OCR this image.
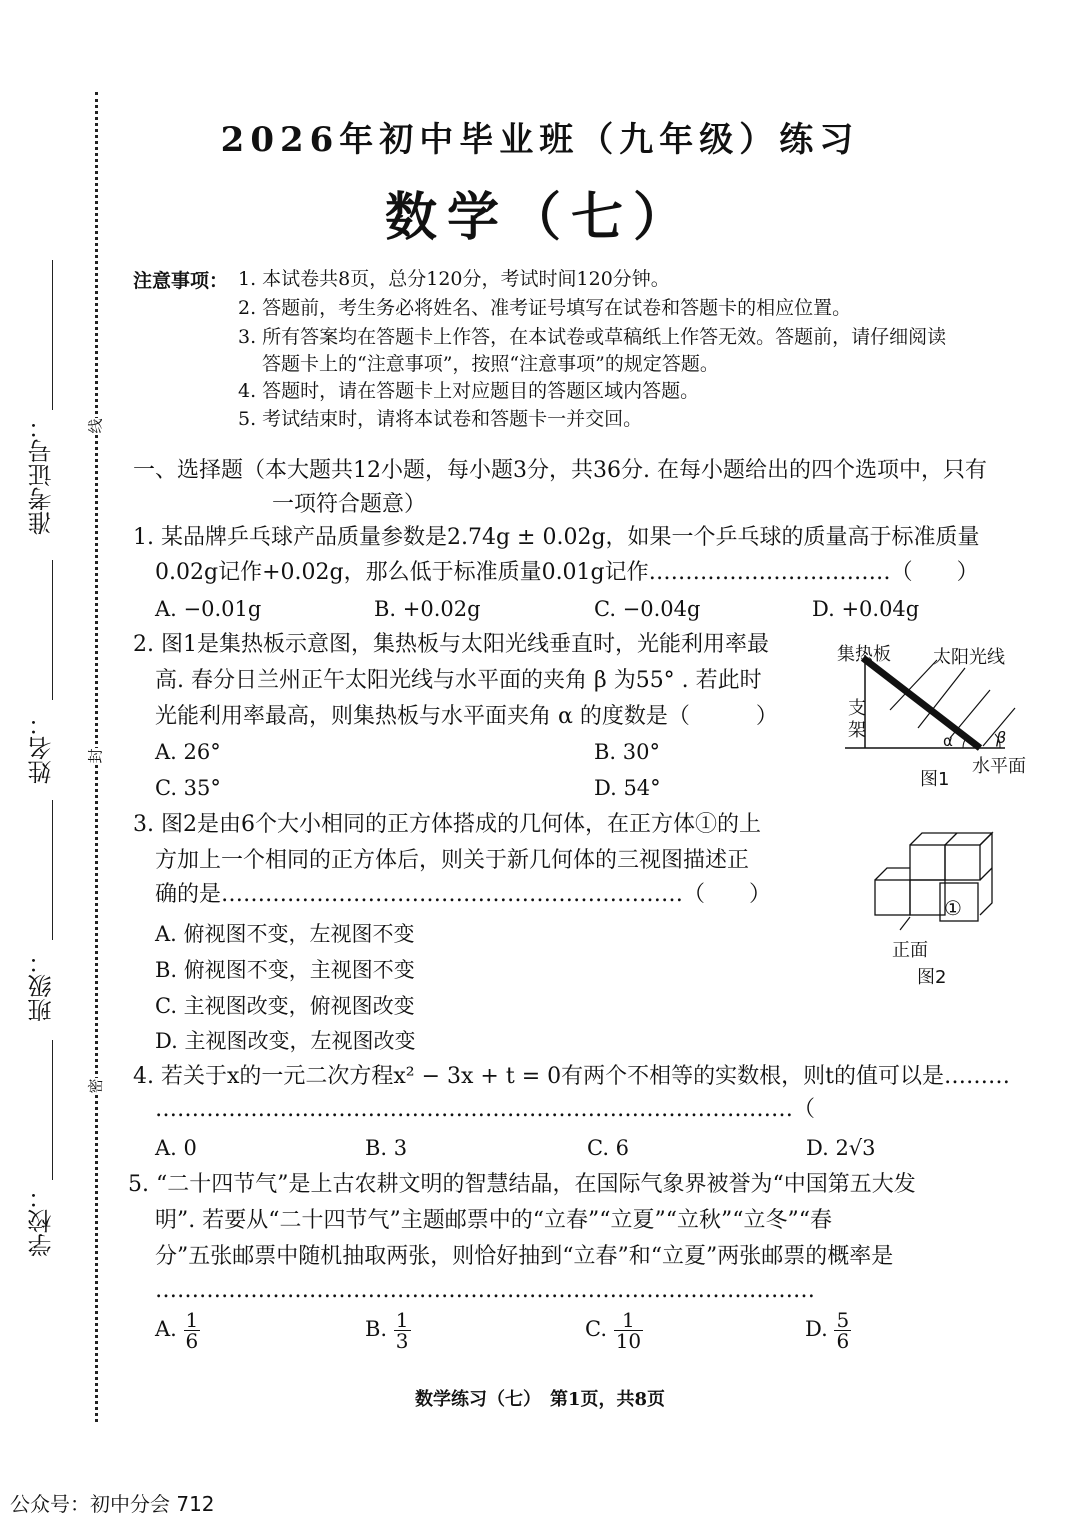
准考证号：
姓名：
班级：
学校：
线
封
密
2026年初中毕业班（九年级）练习
数学（七）
注意事项： 1. 本试卷共8页，总分120分，考试时间120分钟。
2. 答题前，考生务必将姓名、准考证号填写在试卷和答题卡的相应位置。
3. 所有答案均在答题卡上作答，在本试卷或草稿纸上作答无效。答题前，请仔细阅读
答题卡上的“注意事项”，按照“注意事项”的规定答题。
4. 答题时，请在答题卡上对应题目的答题区域内答题。
5. 考试结束时，请将本试卷和答题卡一并交回。
一、选择题（本大题共12小题，每小题3分，共36分. 在每小题给出的四个选项中，只有
一项符合题意）
1. 某品牌乒乓球产品质量参数是2.74g ± 0.02g，如果一个乒乓球的质量高于标准质量
0.02g记作+0.02g，那么低于标准质量0.01g记作……………………………（　　）
A. −0.01g	B. +0.02g	C. −0.04g	D. +0.04g
2. 图1是集热板示意图，集热板与太阳光线垂直时，光能利用率最
高. 春分日兰州正午太阳光线与水平面的夹角 β 为55° . 若此时
光能利用率最高，则集热板与水平面夹角 α 的度数是（　　　）
A. 26°	B. 30°
C. 35°	D. 54°
集热板 太阳光线
支
架	α	β
水平面
图1
3. 图2是由6个大小相同的正方体搭成的几何体，在正方体①的上
方加上一个相同的正方体后，则关于新几何体的三视图描述正
确的是………………………………………………………（　　）
A. 俯视图不变，左视图不变
B. 俯视图不变，主视图不变
C. 主视图改变，俯视图改变
D. 主视图改变，左视图改变
①
正面
图2
4. 若关于x的一元二次方程x² − 3x + t = 0有两个不相等的实数根，则t的值可以是………
……………………………………………………………………………（
A. 0	B. 3	C. 6	D. 2√3
5. “二十四节气”是上古农耕文明的智慧结晶，在国际气象界被誉为“中国第五大发
明”. 若要从“二十四节气”主题邮票中的“立春”“立夏”“立秋”“立冬”“春
分”五张邮票中随机抽取两张，则恰好抽到“立春”和“立夏”两张邮票的概率是
………………………………………………………………………………
A. $\frac{1}{6}$	B. $\frac{1}{3}$	C. $\frac{1}{10}$	D. $\frac{5}{6}$
数学练习（七）　第1页，共8页
公众号：初中分会 712
